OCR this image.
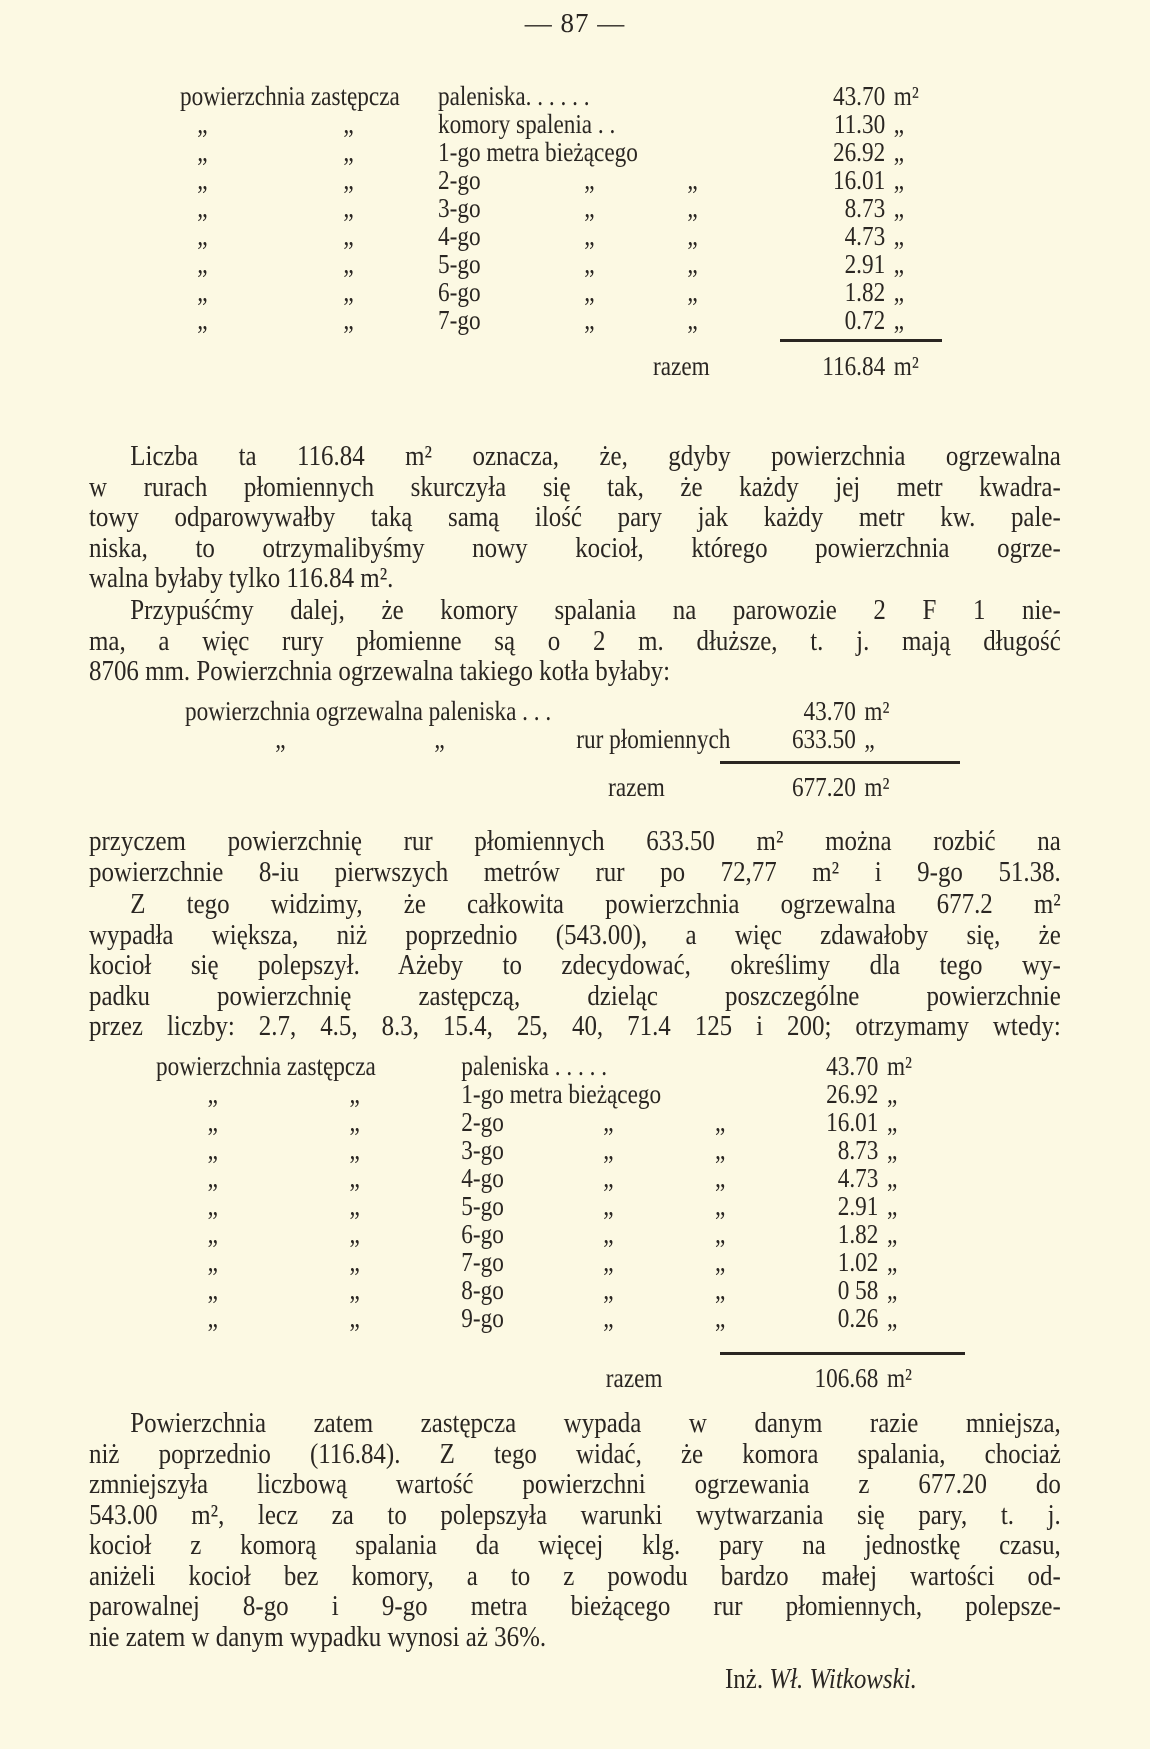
— 87 —
powierzchnia zastępcza paleniska. . . . . .	43.70 m²
„	„	komory spalenia . .	11.30 „
„	„	1-go metra bieżącego	26.92 „
„	„	2-go	„	„	16.01 „
„	„	3-go	„	„	8.73 „
„	„	4-go	„	„	4.73 „
„	„	5-go	„	„	2.91 „
„	„	6-go	„	„	1.82 „
„	„	7-go	„	„	0.72 „
razem	116.84 m²
Liczba ta 116.84 m² oznacza, że, gdyby powierzchnia ogrzewalna
w rurach płomiennych skurczyła się tak, że każdy jej metr kwadra-
towy odparowywałby taką samą ilość pary jak każdy metr kw. pale-
niska, to otrzymalibyśmy nowy kocioł, którego powierzchnia ogrze-
walna byłaby tylko 116.84 m².
Przypuśćmy dalej, że komory spalania na parowozie 2 F 1 nie-
ma, a więc rury płomienne są o 2 m. dłuższe, t. j. mają długość
8706 mm. Powierzchnia ogrzewalna takiego kotła byłaby:
powierzchnia ogrzewalna paleniska . . .	43.70 m²
„	„	rur płomiennych	633.50 „
razem	677.20 m²
przyczem powierzchnię rur płomiennych 633.50 m² można rozbić na
powierzchnie 8-iu pierwszych metrów rur po 72,77 m² i 9-go 51.38.
Z tego widzimy, że całkowita powierzchnia ogrzewalna 677.2 m²
wypadła większa, niż poprzednio (543.00), a więc zdawałoby się, że
kocioł się polepszył. Ażeby to zdecydować, określimy dla tego wy-
padku powierzchnię zastępczą, dzieląc poszczególne powierzchnie
przez liczby: 2.7, 4.5, 8.3, 15.4, 25, 40, 71.4 125 i 200; otrzymamy wtedy:
powierzchnia zastępcza	paleniska . . . . .	43.70 m²
„	„	1-go metra bieżącego	26.92 „
„	„	2-go	„	„	16.01 „
„	„	3-go	„	„	8.73 „
„	„	4-go	„	„	4.73 „
„	„	5-go	„	„	2.91 „
„	„	6-go	„	„	1.82 „
„	„	7-go	„	„	1.02 „
„	„	8-go	„	„	0 58 „
„	„	9-go	„	„	0.26 „
razem	106.68 m²
Powierzchnia zatem zastępcza wypada w danym razie mniejsza,
niż poprzednio (116.84). Z tego widać, że komora spalania, chociaż
zmniejszyła liczbową wartość powierzchni ogrzewania z 677.20 do
543.00 m², lecz za to polepszyła warunki wytwarzania się pary, t. j.
kocioł z komorą spalania da więcej klg. pary na jednostkę czasu,
aniżeli kocioł bez komory, a to z powodu bardzo małej wartości od-
parowalnej 8-go i 9-go metra bieżącego rur płomiennych, polepsze-
nie zatem w danym wypadku wynosi aż 36%.
Inż. Wł. Witkowski.
